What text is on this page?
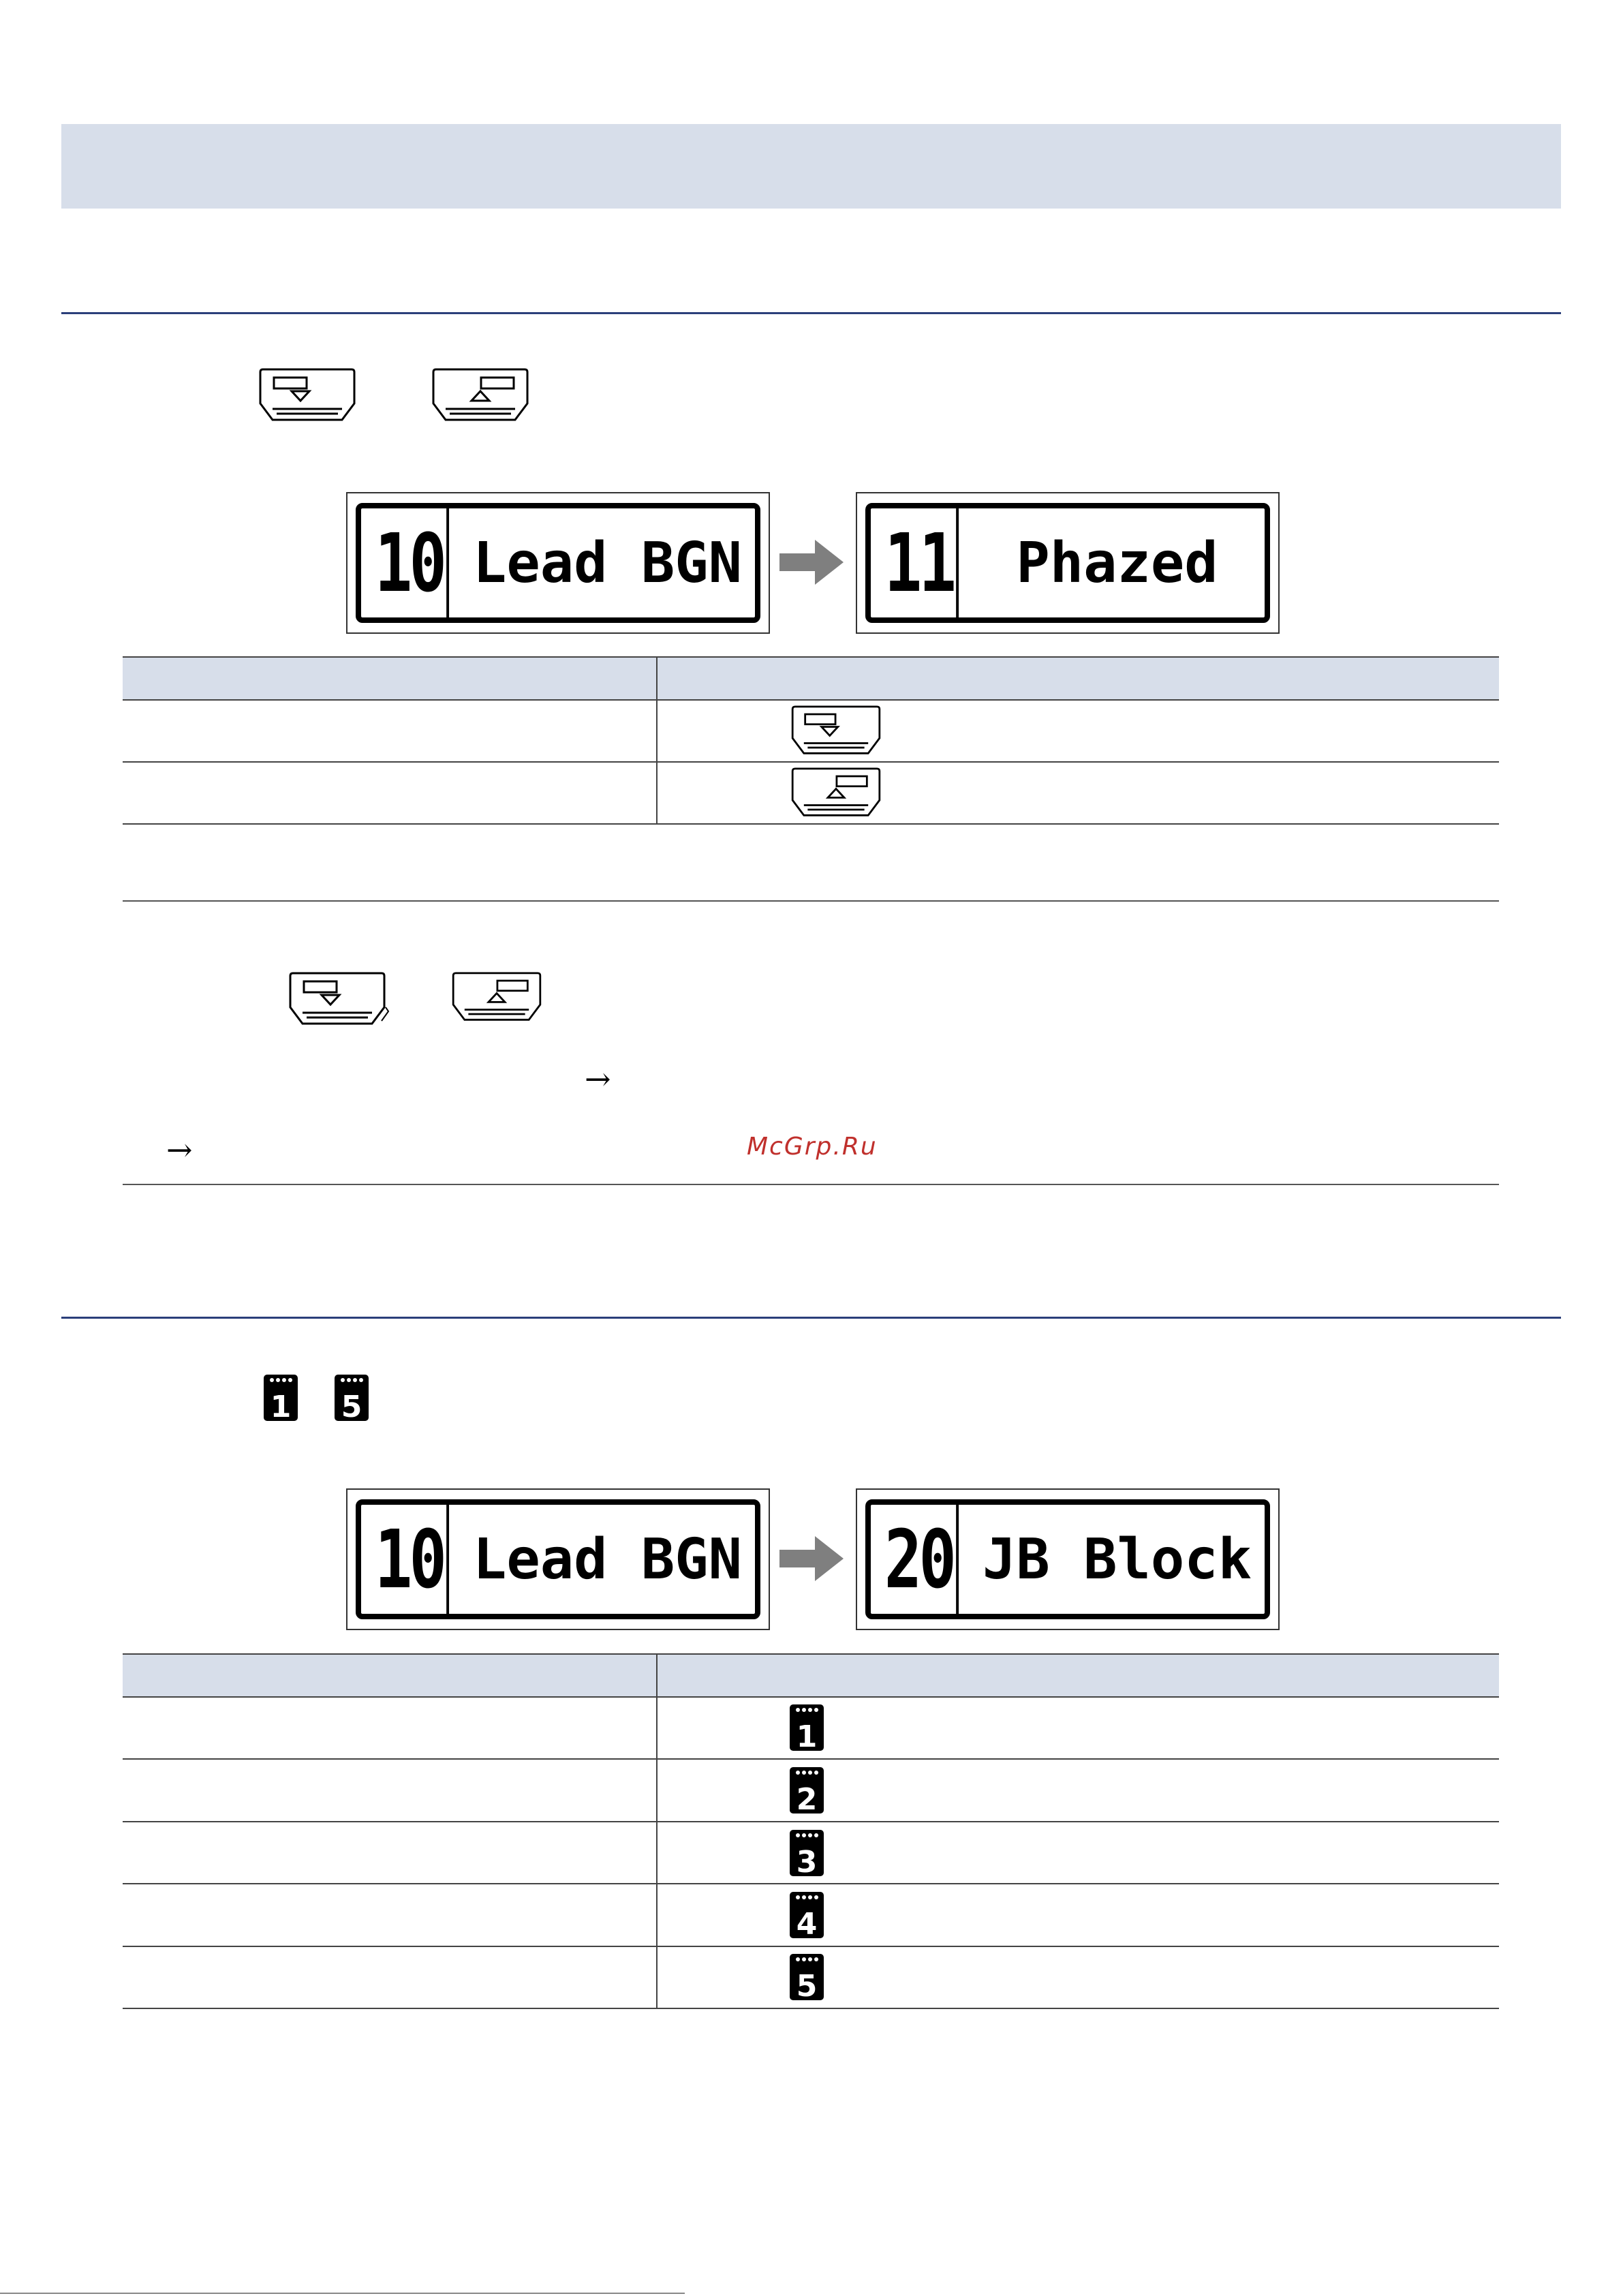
10 Lead BGN 11	Phazed
→
→	McGrp.Ru
1 5
10 Lead BGN 20 JB Block
1
2
3
4
5
